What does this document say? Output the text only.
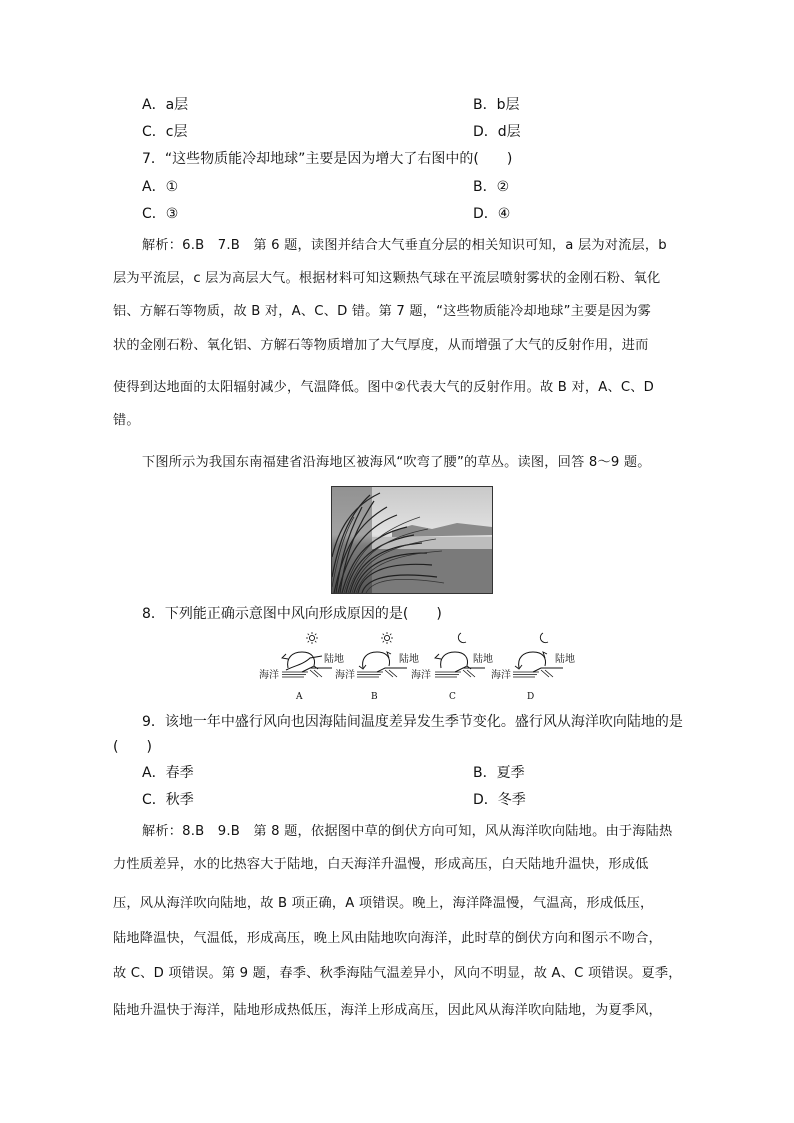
A．a层	B．b层
C．c层	D．d层
7．“这些物质能冷却地球”主要是因为增大了右图中的(　　)
A．①	B．②
C．③	D．④
解析：6.B　7.B　第 6 题，读图并结合大气垂直分层的相关知识可知，a 层为对流层，b
层为平流层，c 层为高层大气。根据材料可知这颗热气球在平流层喷射雾状的金刚石粉、氧化
铝、方解石等物质，故 B 对，A、C、D 错。第 7 题，“这些物质能冷却地球”主要是因为雾
状的金刚石粉、氧化铝、方解石等物质增加了大气厚度，从而增强了大气的反射作用，进而
使得到达地面的太阳辐射减少，气温降低。图中②代表大气的反射作用。故 B 对，A、C、D
错。
下图所示为我国东南福建省沿海地区被海风“吹弯了腰”的草丛。读图，回答 8～9 题。
8．下列能正确示意图中风向形成原因的是(　　)
陆地
海洋
A
陆地
海洋
B
陆地
海洋
C
陆地
海洋
D
9．该地一年中盛行风向也因海陆间温度差异发生季节变化。盛行风从海洋吹向陆地的是
(　　)
A．春季	B．夏季
C．秋季	D．冬季
解析：8.B　9.B　第 8 题，依据图中草的倒伏方向可知，风从海洋吹向陆地。由于海陆热
力性质差异，水的比热容大于陆地，白天海洋升温慢，形成高压，白天陆地升温快，形成低
压，风从海洋吹向陆地，故 B 项正确，A 项错误。晚上，海洋降温慢，气温高，形成低压，
陆地降温快，气温低，形成高压，晚上风由陆地吹向海洋，此时草的倒伏方向和图示不吻合，
故 C、D 项错误。第 9 题，春季、秋季海陆气温差异小，风向不明显，故 A、C 项错误。夏季，
陆地升温快于海洋，陆地形成热低压，海洋上形成高压，因此风从海洋吹向陆地，为夏季风，
